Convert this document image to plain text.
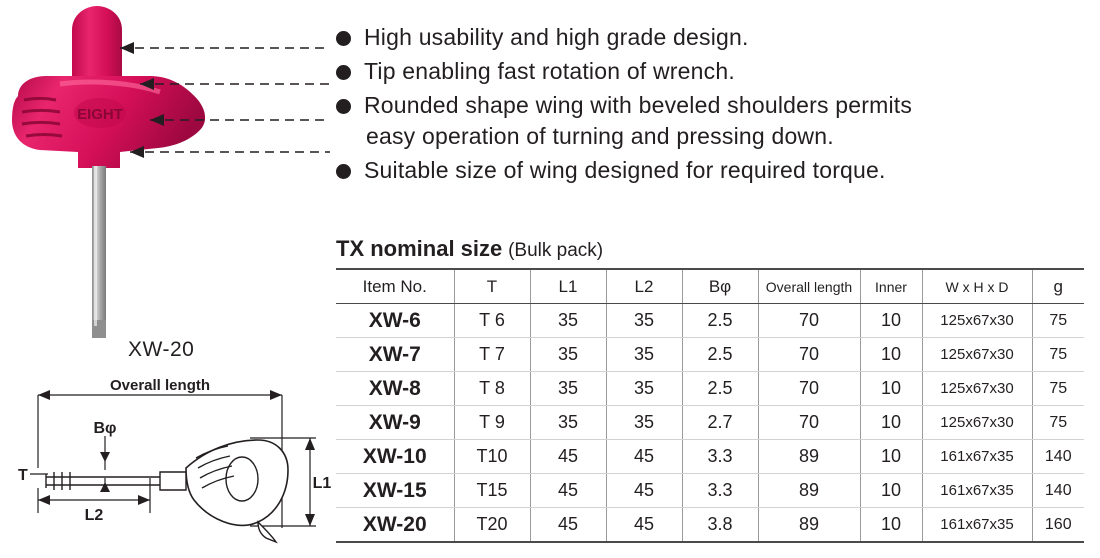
EIGHT
XW-20
High usability and high grade design.
Tip enabling fast rotation of wrench.
Rounded shape wing with beveled shoulders permits
easy operation of turning and pressing down.
Suitable size of wing designed for required torque.
TX nominal size (Bulk pack)
Item No.	T	L1	L2	Bφ	Overall length	Inner	W x H x D	g
XW-6	T 6	35	35	2.5	70	10	125x67x30	75
XW-7	T 7	35	35	2.5	70	10	125x67x30	75
XW-8	T 8	35	35	2.5	70	10	125x67x30	75
XW-9	T 9	35	35	2.7	70	10	125x67x30	75
XW-10	T10	45	45	3.3	89	10	161x67x35	140
XW-15	T15	45	45	3.3	89	10	161x67x35	140
XW-20	T20	45	45	3.8	89	10	161x67x35	160
Overall length
Bφ
T
L2
L1
